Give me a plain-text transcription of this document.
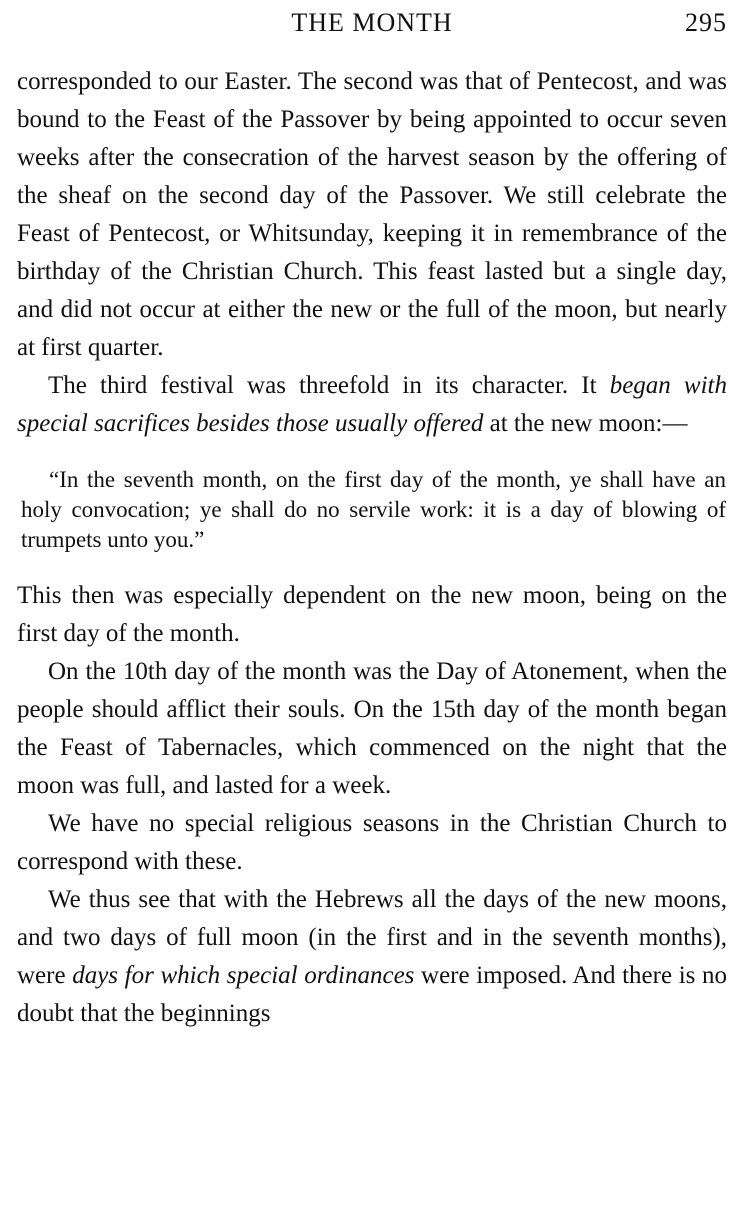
THE MONTH	295

corresponded to our Easter. The second was that of Pentecost, and was bound to the Feast of the Passover by being appointed to occur seven weeks after the consecration of the harvest season by the offering of the sheaf on the second day of the Passover. We still celebrate the Feast of Pentecost, or Whitsunday, keeping it in remembrance of the birthday of the Christian Church. This feast lasted but a single day, and did not occur at either the new or the full of the moon, but nearly at first quarter.

The third festival was threefold in its character. It began with special sacrifices besides those usually offered at the new moon:—

“In the seventh month, on the first day of the month, ye shall have an holy convocation; ye shall do no servile work: it is a day of blowing of trumpets unto you.”

This then was especially dependent on the new moon, being on the first day of the month.

On the 10th day of the month was the Day of Atonement, when the people should afflict their souls. On the 15th day of the month began the Feast of Tabernacles, which commenced on the night that the moon was full, and lasted for a week.

We have no special religious seasons in the Christian Church to correspond with these.

We thus see that with the Hebrews all the days of the new moons, and two days of full moon (in the first and in the seventh months), were days for which special ordinances were imposed. And there is no doubt that the beginnings
